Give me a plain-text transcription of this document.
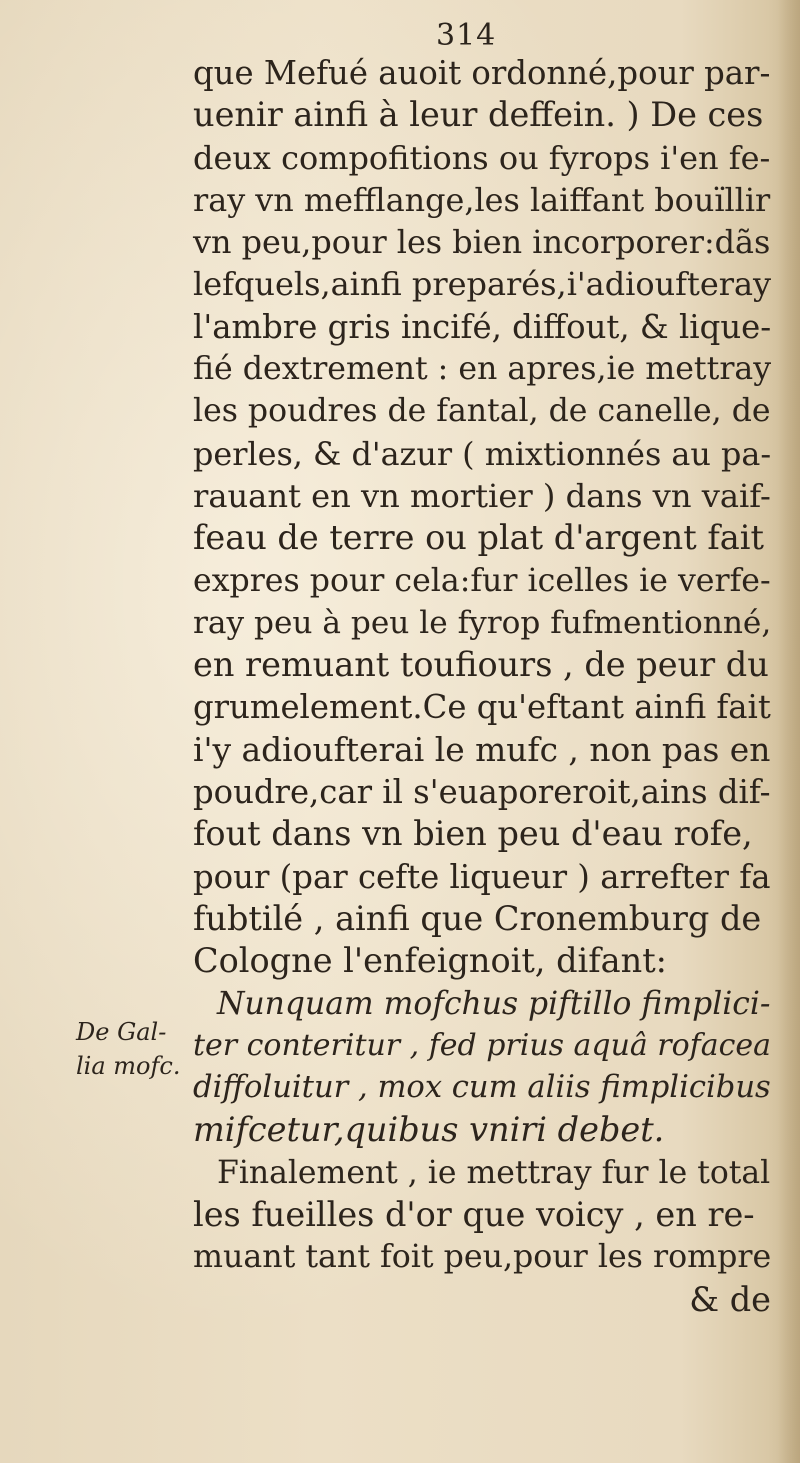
314
De Gal-
lia mofc.
que Mefué auoit ordonné,pour par-
uenir ainfi à leur deffein. ) De ces
deux compofitions ou fyrops i'en fe-
ray vn mefflange,les laiffant bouïllir
vn peu,pour les bien incorporer:dãs
lefquels,ainfi preparés,i'adioufteray
l'ambre gris incifé, diffout, & lique-
fié dextrement : en apres,ie mettray
les poudres de fantal, de canelle, de
perles, & d'azur ( mixtionnés au pa-
rauant en vn mortier ) dans vn vaif-
feau de terre ou plat d'argent fait
expres pour cela:fur icelles ie verfe-
ray peu à peu le fyrop fufmentionné,
en remuant toufiours , de peur du
grumelement.Ce qu'eftant ainfi fait
i'y adioufterai le mufc , non pas en
poudre,car il s'euaporeroit,ains dif-
fout dans vn bien peu d'eau rofe,
pour (par cefte liqueur ) arrefter fa
fubtilé , ainfi que Cronemburg de
Cologne l'enfeignoit, difant:
Nunquam mofchus piftillo fimplici-
ter conteritur , fed prius aquâ rofacea
diffoluitur , mox cum aliis fimplicibus
mifcetur,quibus vniri debet.
Finalement , ie mettray fur le total
les fueilles d'or que voicy , en re-
muant tant foit peu,pour les rompre
& de
